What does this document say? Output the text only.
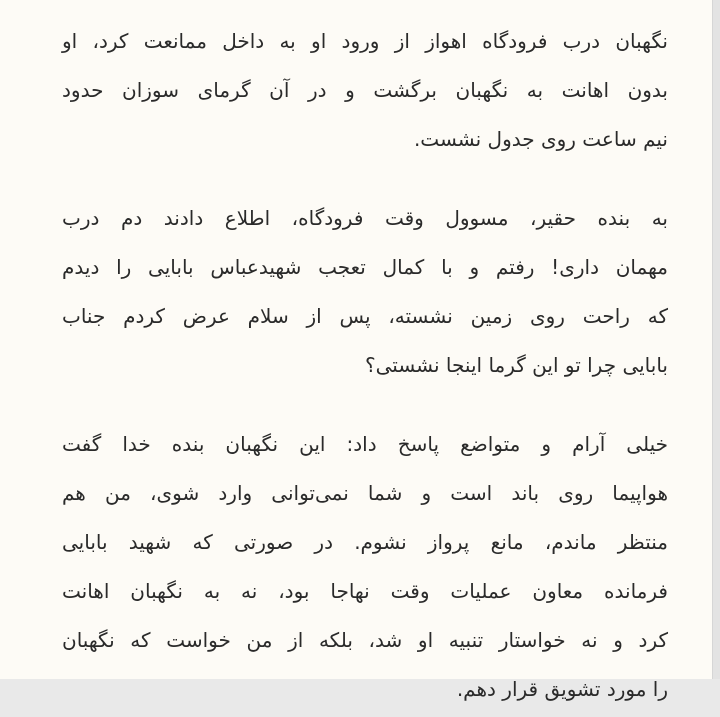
نگهبان درب فرودگاه اهواز از ورود او به داخل ممانعت کرد، او
بدون اهانت به نگهبان برگشت و در آن گرمای سوزان حدود
نیم ساعت روی جدول نشست.
به بنده حقیر، مسوول وقت فرودگاه، اطلاع دادند دم درب
مهمان داری! رفتم و با کمال تعجب شهیدعباس بابایی را دیدم
که راحت روی زمین نشسته، پس از سلام عرض کردم جناب
بابایی چرا تو این گرما اینجا نشستی؟
خیلی آرام و متواضع پاسخ داد: این نگهبان بنده خدا گفت
هواپیما روی باند است و شما نمی‌توانی وارد شوی، من هم
منتظر ماندم، مانع پرواز نشوم. در صورتی که شهید بابایی
فرمانده معاون عملیات وقت نهاجا بود، نه به نگهبان اهانت
کرد و نه خواستار تنبیه او شد، بلکه از من خواست که نگهبان
را مورد تشویق قرار دهم.
